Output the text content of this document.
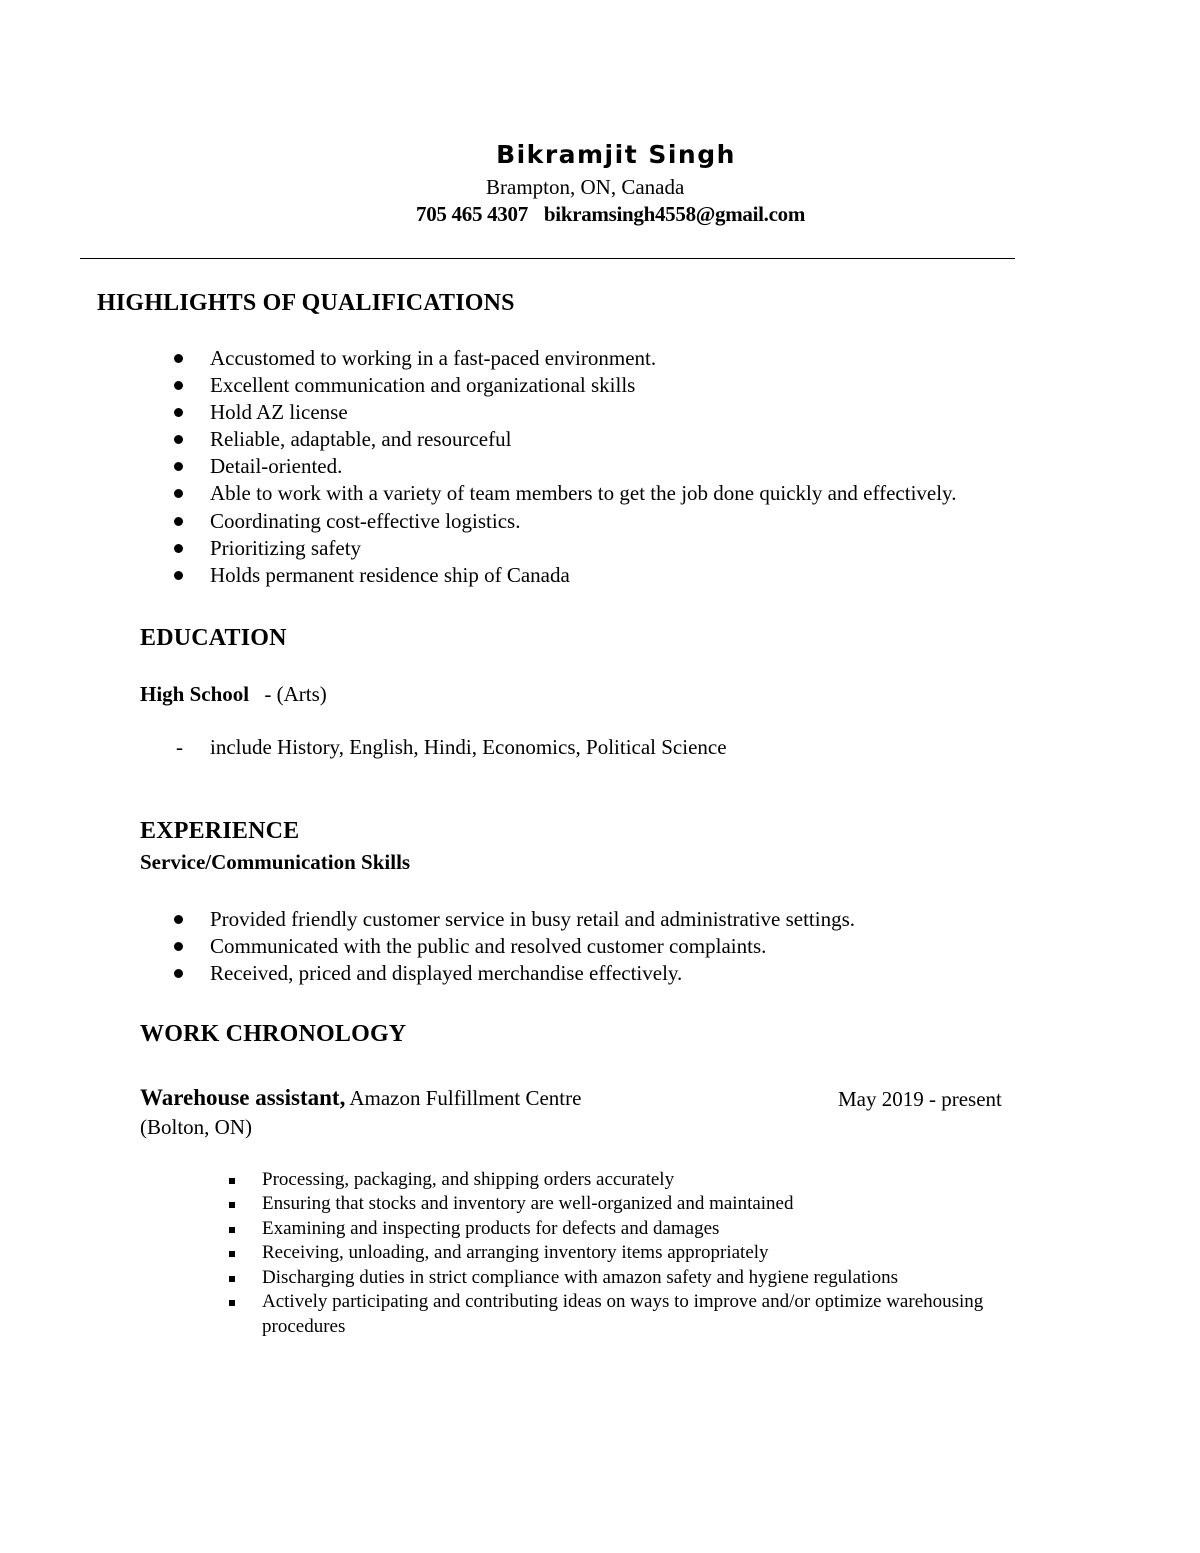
Bikramjit Singh
Brampton, ON, Canada
705 465 4307 bikramsingh4558@gmail.com
HIGHLIGHTS OF QUALIFICATIONS
Accustomed to working in a fast-paced environment.
Excellent communication and organizational skills
Hold AZ license
Reliable, adaptable, and resourceful
Detail-oriented.
Able to work with a variety of team members to get the job done quickly and effectively.
Coordinating cost-effective logistics.
Prioritizing safety
Holds permanent residence ship of Canada
EDUCATION
High School - (Arts)
- include History, English, Hindi, Economics, Political Science
EXPERIENCE
Service/Communication Skills
Provided friendly customer service in busy retail and administrative settings.
Communicated with the public and resolved customer complaints.
Received, priced and displayed merchandise effectively.
WORK CHRONOLOGY
Warehouse assistant, Amazon Fulfillment Centre	May 2019 - present
(Bolton, ON)
Processing, packaging, and shipping orders accurately
Ensuring that stocks and inventory are well-organized and maintained
Examining and inspecting products for defects and damages
Receiving, unloading, and arranging inventory items appropriately
Discharging duties in strict compliance with amazon safety and hygiene regulations
Actively participating and contributing ideas on ways to improve and/or optimize warehousing
procedures
